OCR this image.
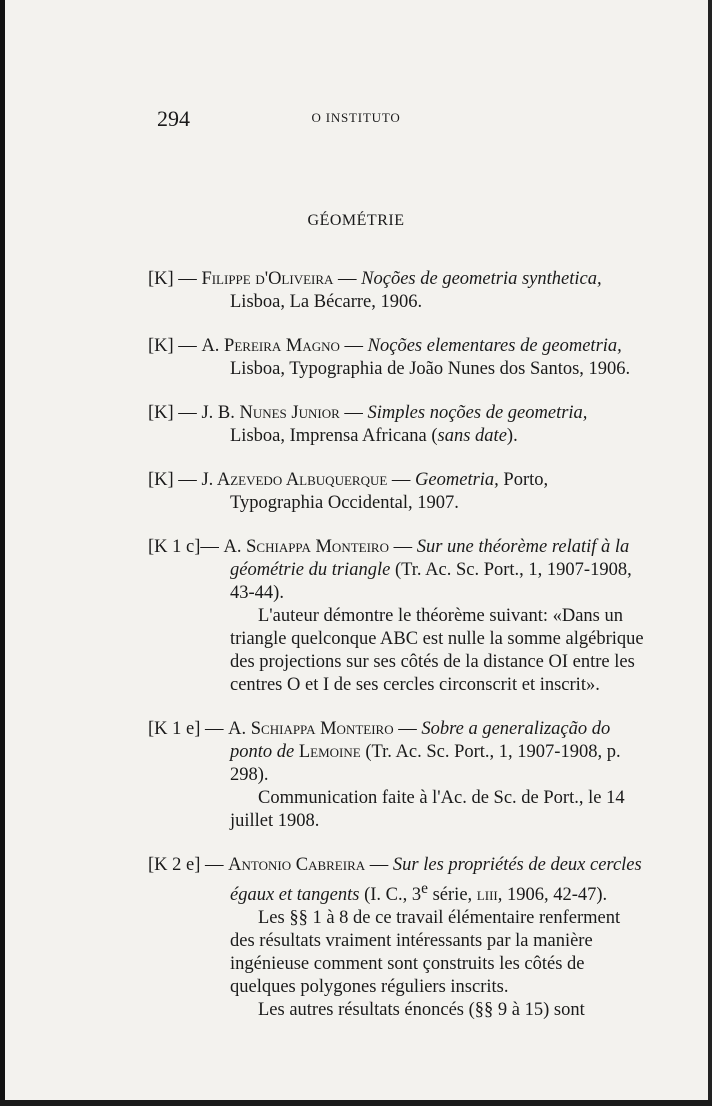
294	O INSTITUTO
GÉOMÉTRIE

[K] — Filippe d'Oliveira — Noções de geometria synthetica, Lisboa, La Bécarre, 1906.

[K] — A. Pereira Magno — Noções elementares de geometria, Lisboa, Typographia de João Nunes dos Santos, 1906.

[K] — J. B. Nunes Junior — Simples noções de geometria, Lisboa, Imprensa Africana (sans date).

[K] — J. Azevedo Albuquerque — Geometria, Porto, Typographia Occidental, 1907.

[K 1 c]— A. Schiappa Monteiro — Sur une théorème relatif à la géométrie du triangle (Tr. Ac. Sc. Port., 1, 1907-1908, 43-44).

L'auteur démontre le théorème suivant: «Dans un triangle quelconque ABC est nulle la somme algébrique des projections sur ses côtés de la distance OI entre les centres O et I de ses cercles circonscrit et inscrit».

[K 1 e] — A. Schiappa Monteiro — Sobre a generalização do ponto de Lemoine (Tr. Ac. Sc. Port., 1, 1907-1908, p. 298).

Communication faite à l'Ac. de Sc. de Port., le 14 juillet 1908.

[K 2 e] — Antonio Cabreira — Sur les propriétés de deux cercles égaux et tangents (I. C., 3e série, liii, 1906, 42-47).

Les §§ 1 à 8 de ce travail élémentaire renferment des résultats vraiment intéressants par la manière ingénieuse comment sont çonstruits les côtés de quelques polygones réguliers inscrits.

Les autres résultats énoncés (§§ 9 à 15) sont
